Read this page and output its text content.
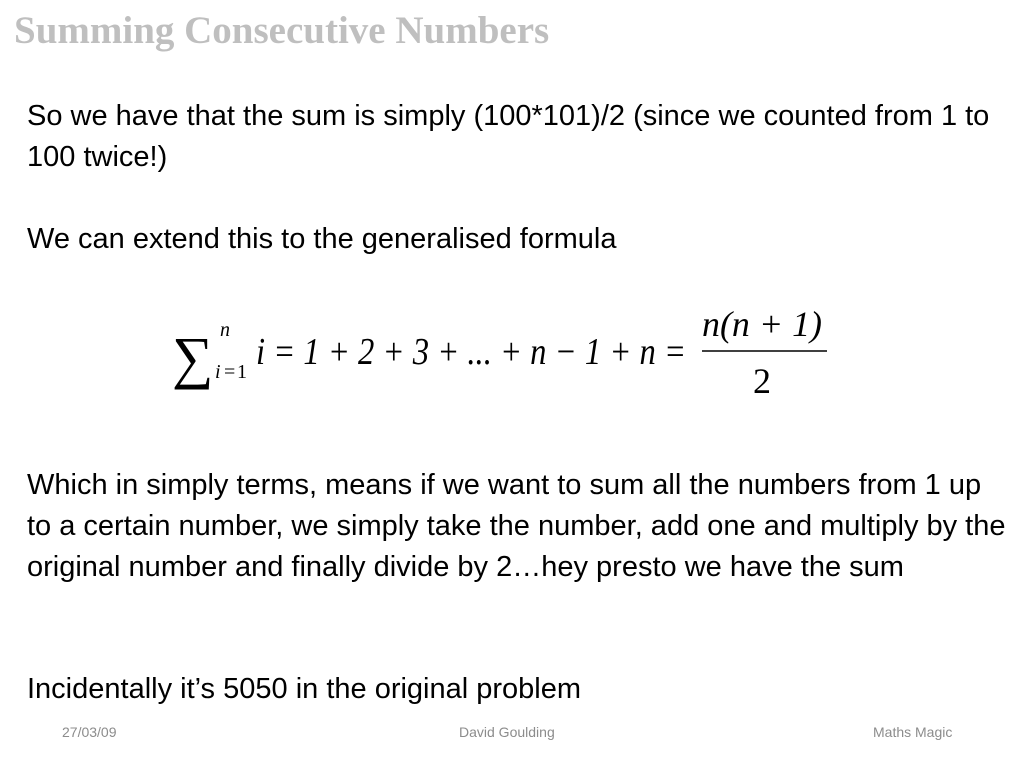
Summing Consecutive Numbers
So we have that the sum is simply (100*101)/2 (since we counted from 1 to 100 twice!)
We can extend this to the generalised formula
∑ n
i = 1 i = 1 + 2 + 3 + ... + n − 1 + n =
n(n + 1)
2
Which in simply terms, means if we want to sum all the numbers from 1 up to a certain number, we simply take the number, add one and multiply by the original number and finally divide by 2…hey presto we have the sum
Incidentally it’s 5050 in the original problem
27/03/09	David Goulding	Maths Magic
